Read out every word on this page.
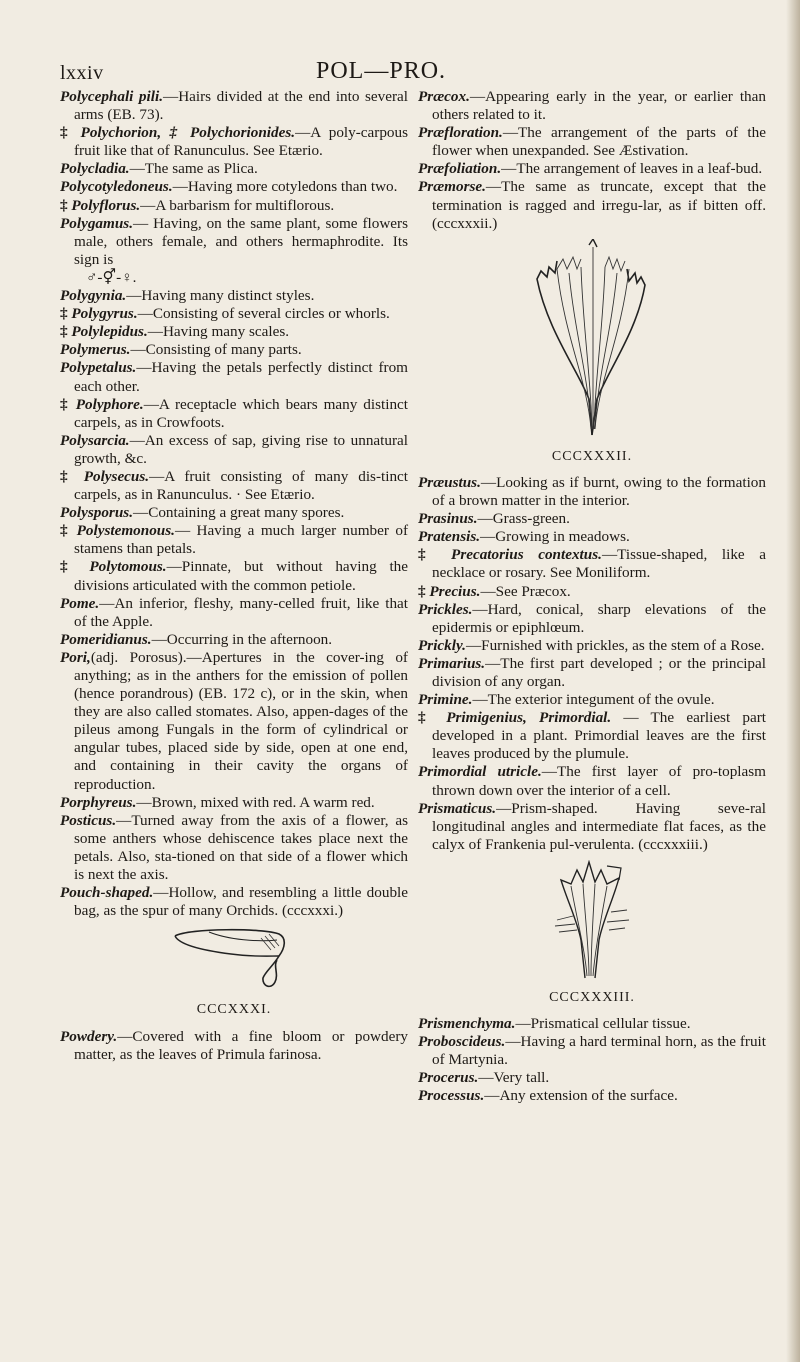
lxxiv	POL—PRO.

Polycephali pili.—Hairs divided at the end into several arms (EB. 73).

‡ Polychorion, ‡ Polychorionides.—A poly-carpous fruit like that of Ranunculus. See Etærio.

Polycladia.—The same as Plica.

Polycotyledoneus.—Having more cotyledons than two.

‡ Polyflorus.—A barbarism for multiflorous.

Polygamus.— Having, on the same plant, some flowers male, others female, and others hermaphrodite. Its sign is
♂-⚥-♀.

Polygynia.—Having many distinct styles.

‡ Polygyrus.—Consisting of several circles or whorls.

‡ Polylepidus.—Having many scales.

Polymerus.—Consisting of many parts.

Polypetalus.—Having the petals perfectly distinct from each other.

‡ Polyphore.—A receptacle which bears many distinct carpels, as in Crowfoots.

Polysarcia.—An excess of sap, giving rise to unnatural growth, &c.

‡ Polysecus.—A fruit consisting of many dis-tinct carpels, as in Ranunculus. · See Etærio.

Polysporus.—Containing a great many spores.

‡ Polystemonous.— Having a much larger number of stamens than petals.

‡ Polytomous.—Pinnate, but without having the divisions articulated with the common petiole.

Pome.—An inferior, fleshy, many-celled fruit, like that of the Apple.

Pomeridianus.—Occurring in the afternoon.

Pori,(adj. Porosus).—Apertures in the cover-ing of anything; as in the anthers for the emission of pollen (hence porandrous) (EB. 172 c), or in the skin, when they are also called stomates. Also, appen-dages of the pileus among Fungals in the form of cylindrical or angular tubes, placed side by side, open at one end, and containing in their cavity the organs of reproduction.

Porphyreus.—Brown, mixed with red. A warm red.

Posticus.—Turned away from the axis of a flower, as some anthers whose dehiscence takes place next the petals. Also, sta-tioned on that side of a flower which is next the axis.

Pouch-shaped.—Hollow, and resembling a little double bag, as the spur of many Orchids. (cccxxxi.)

CCCXXXI.

Powdery.—Covered with a fine bloom or powdery matter, as the leaves of Primula farinosa.

Præcox.—Appearing early in the year, or earlier than others related to it.

Præfloration.—The arrangement of the parts of the flower when unexpanded. See Æstivation.

Præfoliation.—The arrangement of leaves in a leaf-bud.

Præmorse.—The same as truncate, except that the termination is ragged and irregu-lar, as if bitten off. (cccxxxii.)

CCCXXXII.

Præustus.—Looking as if burnt, owing to the formation of a brown matter in the interior.

Prasinus.—Grass-green.

Pratensis.—Growing in meadows.

‡ Precatorius contextus.—Tissue-shaped, like a necklace or rosary. See Moniliform.

‡ Precius.—See Præcox.

Prickles.—Hard, conical, sharp elevations of the epidermis or epiphlœum.

Prickly.—Furnished with prickles, as the stem of a Rose.

Primarius.—The first part developed ; or the principal division of any organ.

Primine.—The exterior integument of the ovule.

‡ Primigenius, Primordial. — The earliest part developed in a plant. Primordial leaves are the first leaves produced by the plumule.

Primordial utricle.—The first layer of pro-toplasm thrown down over the interior of a cell.

Prismaticus.—Prism-shaped. Having seve-ral longitudinal angles and intermediate flat faces, as the calyx of Frankenia pul-verulenta. (cccxxxiii.)

CCCXXXIII.

Prismenchyma.—Prismatical cellular tissue.

Proboscideus.—Having a hard terminal horn, as the fruit of Martynia.

Procerus.—Very tall.

Processus.—Any extension of the surface.
